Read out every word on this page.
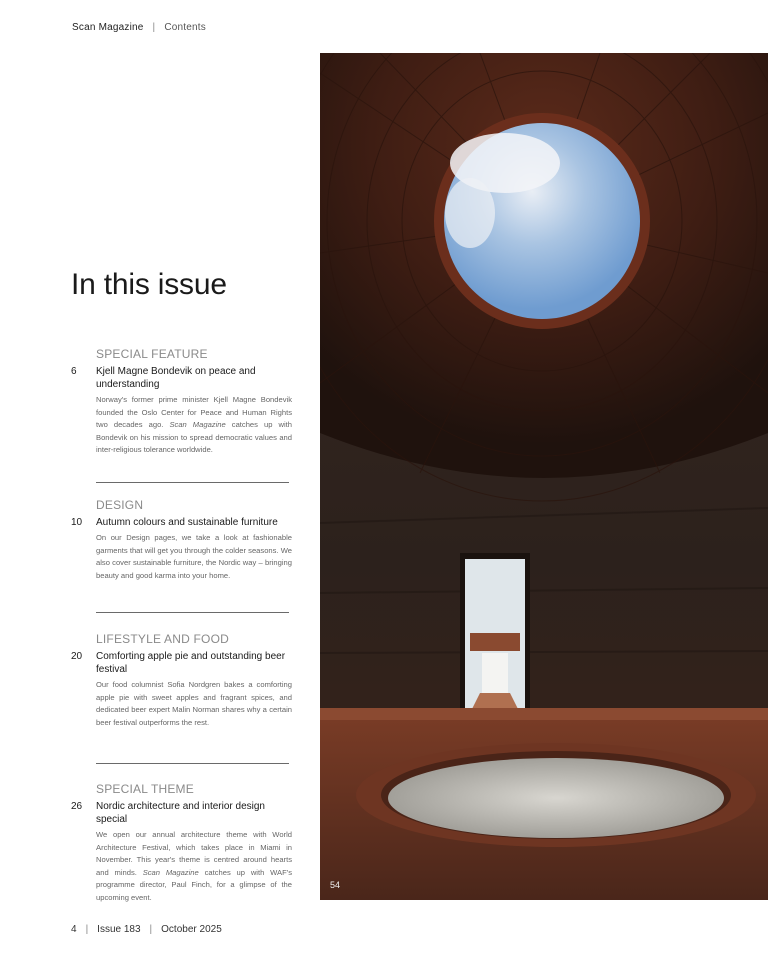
Scan Magazine | Contents
In this issue

SPECIAL FEATURE

6	Kjell Magne Bondevik on peace and understanding

Norway's former prime minister Kjell Magne Bondevik founded the Oslo Center for Peace and Human Rights two decades ago. Scan Magazine catches up with Bondevik on his mission to spread democratic values and inter-religious tolerance worldwide.

DESIGN

10	Autumn colours and sustainable furniture

On our Design pages, we take a look at fashionable garments that will get you through the colder seasons. We also cover sustainable furniture, the Nordic way – bringing beauty and good karma into your home.

LIFESTYLE AND FOOD

20	Comforting apple pie and outstanding beer festival

Our food columnist Sofia Nordgren bakes a comforting apple pie with sweet apples and fragrant spices, and dedicated beer expert Malin Norman shares why a certain beer festival outperforms the rest.

SPECIAL THEME

26	Nordic architecture and interior design special

We open our annual architecture theme with World Architecture Festival, which takes place in Miami in November. This year's theme is centred around hearts and minds. Scan Magazine catches up with WAF's programme director, Paul Finch, for a glimpse of the upcoming event.

54
4 | Issue 183 | October 2025
